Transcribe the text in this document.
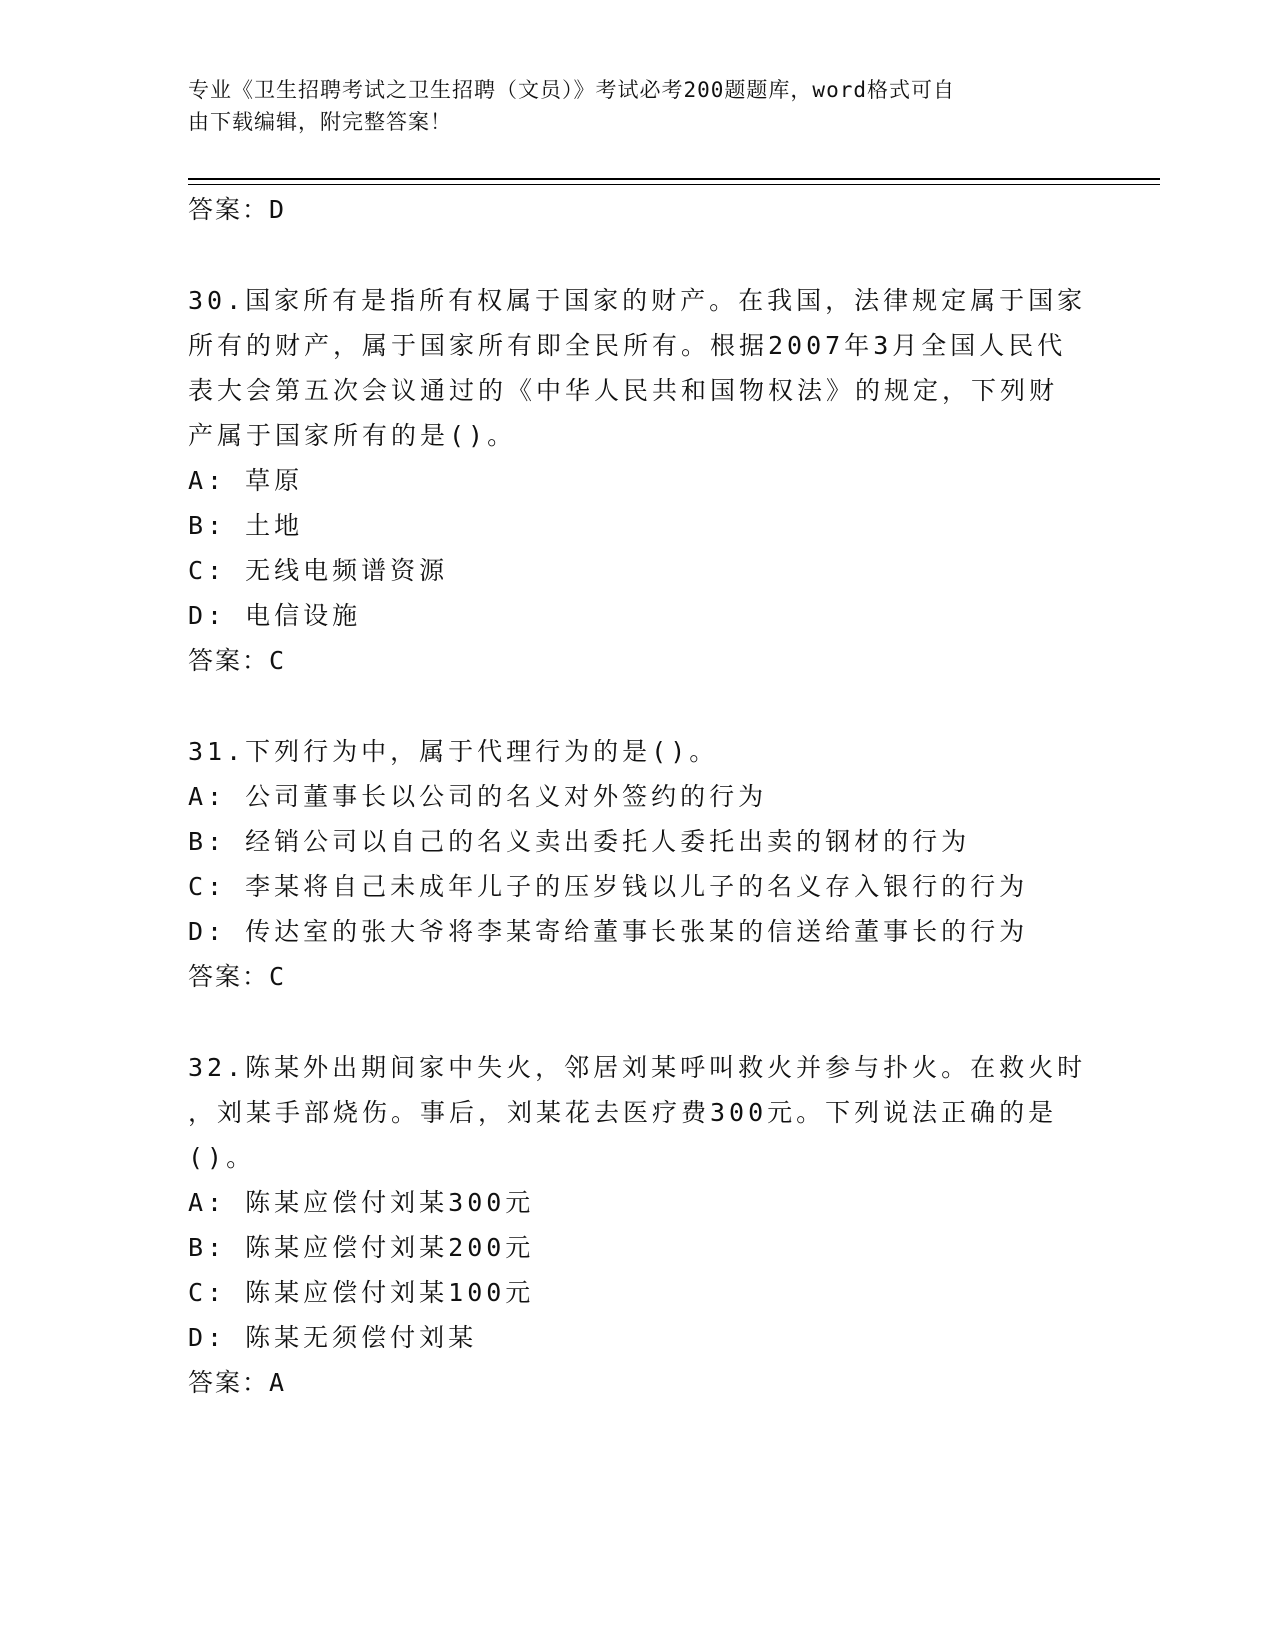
专业《卫生招聘考试之卫生招聘（文员）》考试必考200题题库，word格式可自
由下载编辑，附完整答案！
答案：D
30.国家所有是指所有权属于国家的财产。在我国，法律规定属于国家
所有的财产，属于国家所有即全民所有。根据2007年3月全国人民代
表大会第五次会议通过的《中华人民共和国物权法》的规定，下列财
产属于国家所有的是()。
A: 草原
B: 土地
C: 无线电频谱资源
D: 电信设施
答案：C
31.下列行为中，属于代理行为的是()。
A: 公司董事长以公司的名义对外签约的行为
B: 经销公司以自己的名义卖出委托人委托出卖的钢材的行为
C: 李某将自己未成年儿子的压岁钱以儿子的名义存入银行的行为
D: 传达室的张大爷将李某寄给董事长张某的信送给董事长的行为
答案：C
32.陈某外出期间家中失火，邻居刘某呼叫救火并参与扑火。在救火时
，刘某手部烧伤。事后，刘某花去医疗费300元。下列说法正确的是
()。
A: 陈某应偿付刘某300元
B: 陈某应偿付刘某200元
C: 陈某应偿付刘某100元
D: 陈某无须偿付刘某
答案：A
